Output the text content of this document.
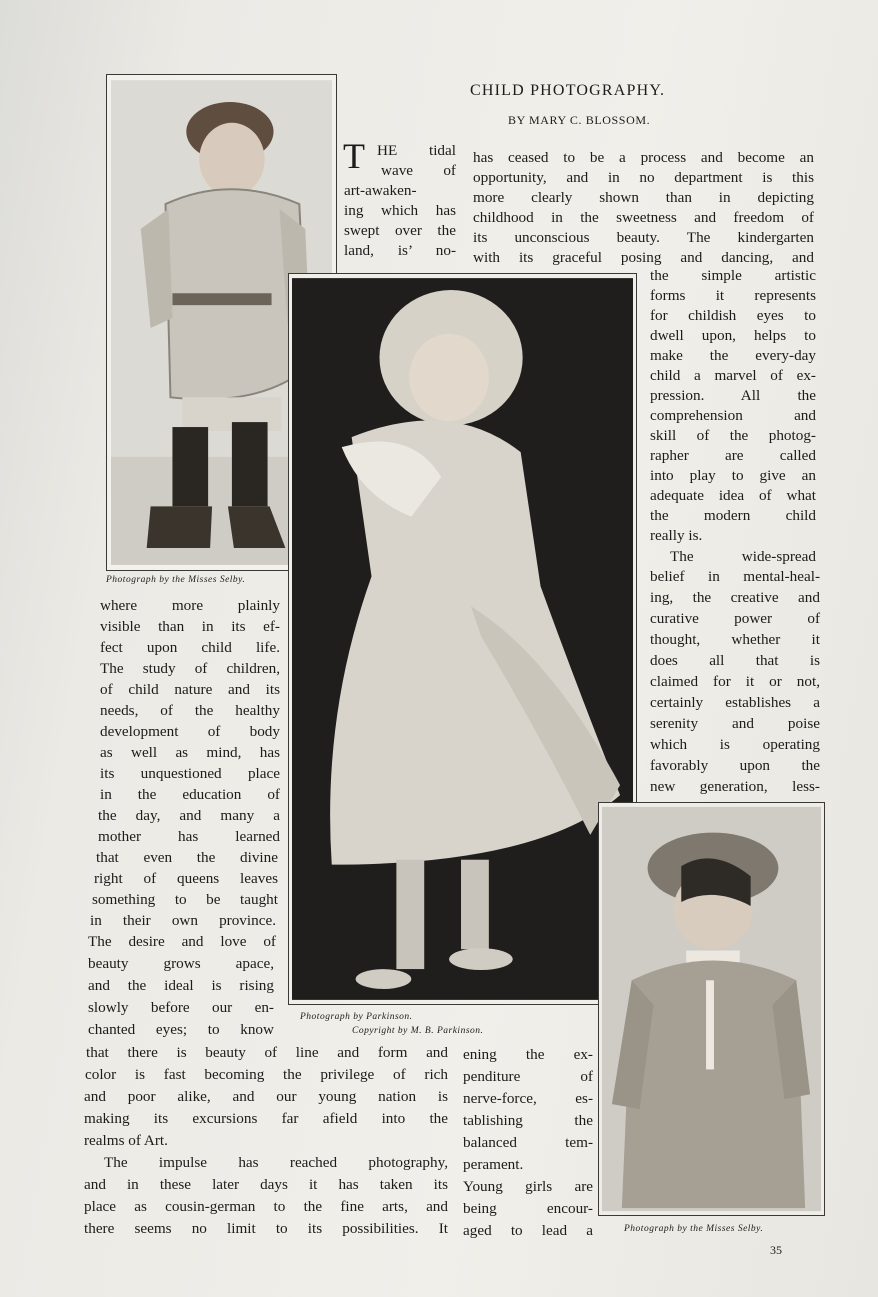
CHILD PHOTOGRAPHY.
BY MARY C. BLOSSOM.
T
Photograph by the Misses Selby.
Photograph by Parkinson.
Copyright by M. B. Parkinson.
Photograph by the Misses Selby.
HE tidal
wave of
art-awaken-
ing which has
swept over the
land, is’ no-
has ceased to be a process and become an
opportunity, and in no department is this
more clearly shown than in depicting
childhood in the sweetness and freedom of
its unconscious beauty. The kindergarten
with its graceful posing and dancing, and
the simple artistic
forms it represents
for childish eyes to
dwell upon, helps to
make the every-day
child a marvel of ex-
pression. All the
comprehension and
skill of the photog-
rapher are called
into play to give an
adequate idea of what
the modern child
really is.
The wide-spread
belief in mental-heal-
ing, the creative and
curative power of
thought, whether it
does all that is
claimed for it or not,
certainly establishes a
serenity and poise
which is operating
favorably upon the
new generation, less-
where more plainly
visible than in its ef-
fect upon child life.
The study of children,
of child nature and its
needs, of the healthy
development of body
as well as mind, has
its unquestioned place
in the education of
the day, and many a
mother has learned
that even the divine
right of queens leaves
something to be taught
in their own province.
The desire and love of
beauty grows apace,
and the ideal is rising
slowly before our en-
chanted eyes; to know
that there is beauty of line and form and
color is fast becoming the privilege of rich
and poor alike, and our young nation is
making its excursions far afield into the
realms of Art.
The impulse has reached photography,
and in these later days it has taken its
place as cousin-german to the fine arts, and
there seems no limit to its possibilities. It
ening the ex-
penditure of
nerve-force, es-
tablishing the
balanced tem-
perament.
Young girls are
being encour-
aged to lead a
35
